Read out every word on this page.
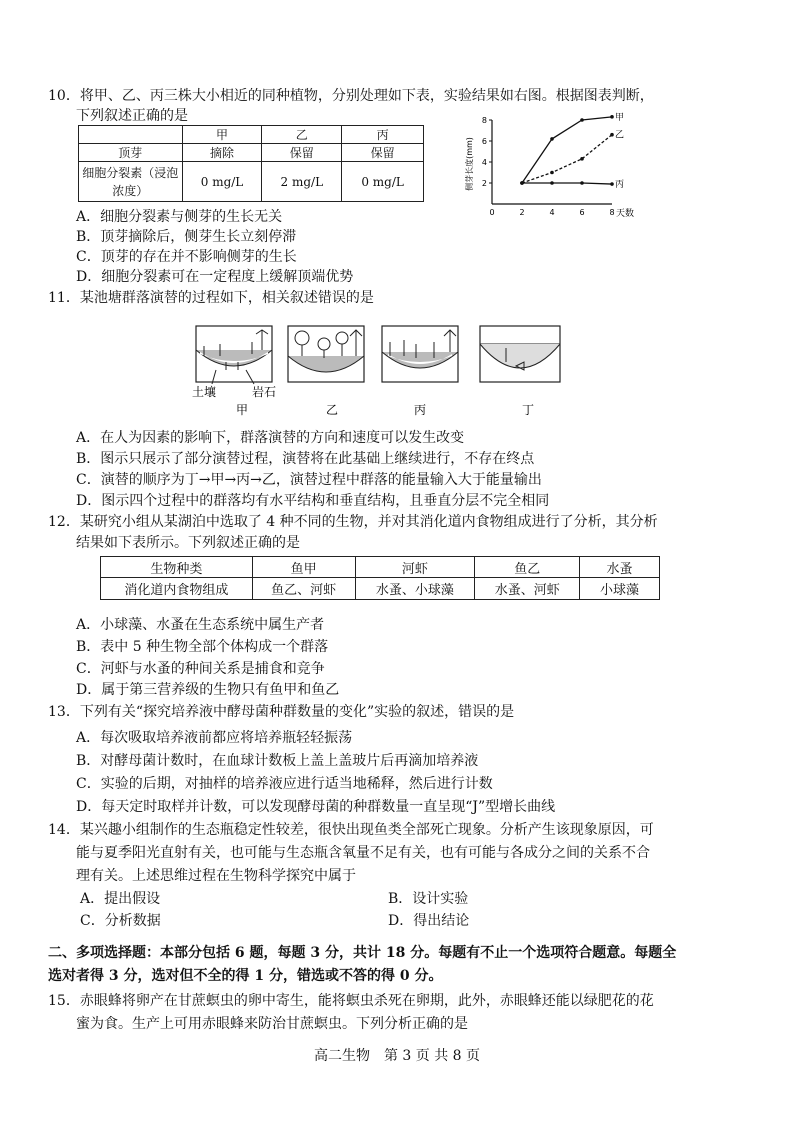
10．将甲、乙、丙三株大小相近的同种植物，分别处理如下表，实验结果如右图。根据图表判断，
下列叙述正确的是
	甲	乙	丙
顶芽	摘除	保留	保留
细胞分裂素（浸泡浓度）	0 mg/L	2 mg/L	0 mg/L	侧芽长度(mm)
0	2	4	6	8
2
4
6
8	甲
乙
丙
天数
A．细胞分裂素与侧芽的生长无关
B．顶芽摘除后，侧芽生长立刻停滞
C．顶芽的存在并不影响侧芽的生长
D．细胞分裂素可在一定程度上缓解顶端优势
11．某池塘群落演替的过程如下，相关叙述错误的是
土壤	岩石
甲	乙	丙	丁
A．在人为因素的影响下，群落演替的方向和速度可以发生改变
B．图示只展示了部分演替过程，演替将在此基础上继续进行，不存在终点
C．演替的顺序为丁→甲→丙→乙，演替过程中群落的能量输入大于能量输出
D．图示四个过程中的群落均有水平结构和垂直结构，且垂直分层不完全相同
12．某研究小组从某湖泊中选取了 4 种不同的生物，并对其消化道内食物组成进行了分析，其分析
结果如下表所示。下列叙述正确的是
生物种类	鱼甲	河虾	鱼乙	水蚤
消化道内食物组成	鱼乙、河虾	水蚤、小球藻	水蚤、河虾	小球藻
A．小球藻、水蚤在生态系统中属生产者
B．表中 5 种生物全部个体构成一个群落
C．河虾与水蚤的种间关系是捕食和竞争
D．属于第三营养级的生物只有鱼甲和鱼乙
13．下列有关“探究培养液中酵母菌种群数量的变化”实验的叙述，错误的是
A．每次吸取培养液前都应将培养瓶轻轻振荡
B．对酵母菌计数时，在血球计数板上盖上盖玻片后再滴加培养液
C．实验的后期，对抽样的培养液应进行适当地稀释，然后进行计数
D．每天定时取样并计数，可以发现酵母菌的种群数量一直呈现“J”型增长曲线
14．某兴趣小组制作的生态瓶稳定性较差，很快出现鱼类全部死亡现象。分析产生该现象原因，可
能与夏季阳光直射有关，也可能与生态瓶含氧量不足有关，也有可能与各成分之间的关系不合
理有关。上述思维过程在生物科学探究中属于
A．提出假设	B．设计实验
C．分析数据	D．得出结论
二、多项选择题：本部分包括 6 题，每题 3 分，共计 18 分。每题有不止一个选项符合题意。每题全
选对者得 3 分，选对但不全的得 1 分，错选或不答的得 0 分。
15．赤眼蜂将卵产在甘蔗螟虫的卵中寄生，能将螟虫杀死在卵期，此外，赤眼蜂还能以绿肥花的花
蜜为食。生产上可用赤眼蜂来防治甘蔗螟虫。下列分析正确的是
高二生物　第 3 页 共 8 页
